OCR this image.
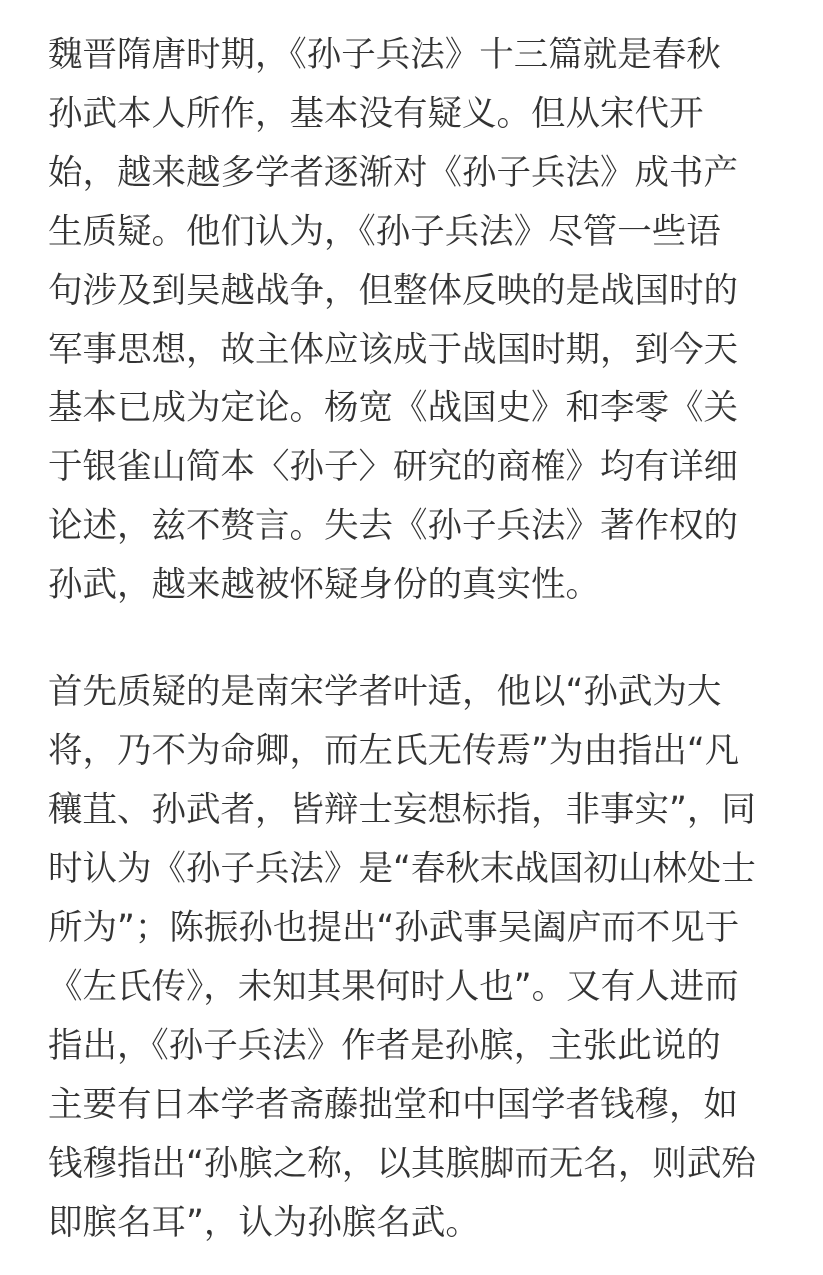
魏晋隋唐时期，《孙子兵法》十三篇就是春秋
孙武本人所作，基本没有疑义。但从宋代开
始，越来越多学者逐渐对《孙子兵法》成书产
生质疑。他们认为，《孙子兵法》尽管一些语
句涉及到吴越战争，但整体反映的是战国时的
军事思想，故主体应该成于战国时期，到今天
基本已成为定论。杨宽《战国史》和李零《关
于银雀山简本〈孙子〉研究的商榷》均有详细
论述，兹不赘言。失去《孙子兵法》著作权的
孙武，越来越被怀疑身份的真实性。
首先质疑的是南宋学者叶适，他以“孙武为大
将，乃不为命卿，而左氏无传焉”为由指出“凡
穰苴、孙武者，皆辩士妄想标指，非事实”，同
时认为《孙子兵法》是“春秋末战国初山林处士
所为”；陈振孙也提出“孙武事吴阖庐而不见于
《左氏传》，未知其果何时人也”。又有人进而
指出，《孙子兵法》作者是孙膑，主张此说的
主要有日本学者斋藤拙堂和中国学者钱穆，如
钱穆指出“孙膑之称，以其膑脚而无名，则武殆
即膑名耳”，认为孙膑名武。
